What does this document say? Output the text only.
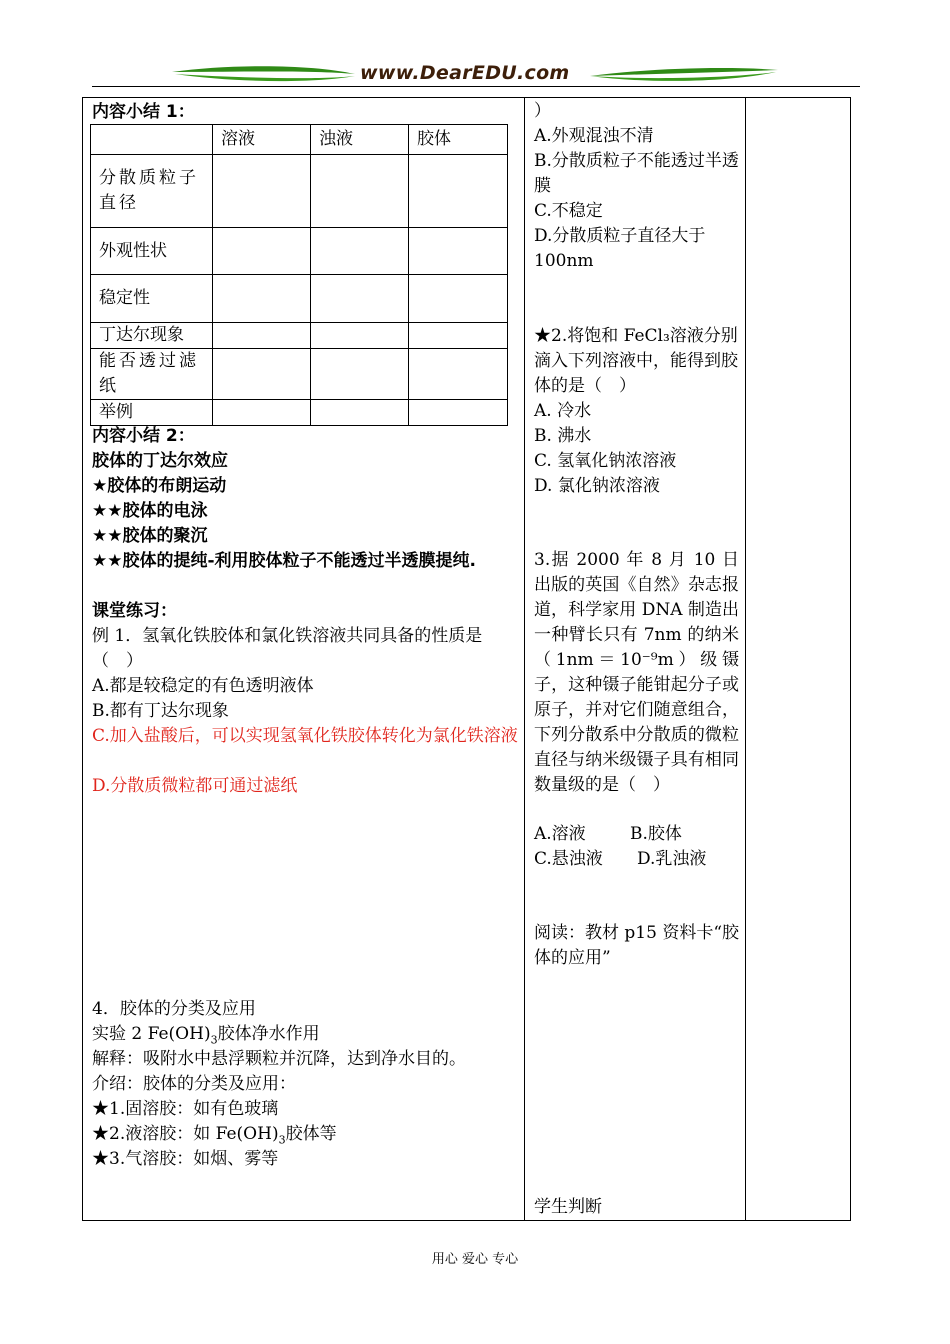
www.DearEDU.com
内容小结 1：
	溶液	浊液	胶体
分散质粒子直径			
外观性状			
稳定性			
丁达尔现象			
能否透过滤纸			
举例			
内容小结 2：
胶体的丁达尔效应
★胶体的布朗运动
★★胶体的电泳
★★胶体的聚沉
★★胶体的提纯-利用胶体粒子不能透过半透膜提纯.
课堂练习：
例 1．氢氧化铁胶体和氯化铁溶液共同具备的性质是（　）
A.都是较稳定的有色透明液体
B.都有丁达尔现象
C.加入盐酸后，可以实现氢氧化铁胶体转化为氯化铁溶液
D.分散质微粒都可通过滤纸
4．胶体的分类及应用
实验 2 $Fe(OH)_3$胶体净水作用
解释：吸附水中悬浮颗粒并沉降，达到净水目的。
介绍：胶体的分类及应用：
★1.固溶胶：如有色玻璃
★2.液溶胶：如 $Fe(OH)_3$胶体等
★3.气溶胶：如烟、雾等
）
A.外观混浊不清
B.分散质粒子不能透过半透膜
C.不稳定
D.分散质粒子直径大于 100nm
★2.将饱和 FeCl₃溶液分别滴入下列溶液中，能得到胶体的是（　）
A. 冷水
B. 沸水
C. 氢氧化钠浓溶液
D. 氯化钠浓溶液
3.据 2000 年 8 月 10 日出版的英国《自然》杂志报道，科学家用 DNA 制造出一种臂长只有 7nm 的纳米（1nm＝10⁻⁹m）级镊子，这种镊子能钳起分子或原子，并对它们随意组合，下列分散系中分散质的微粒直径与纳米级镊子具有相同数量级的是（　）
A.溶液	B.胶体
C.悬浊液 D.乳浊液
阅读：教材 p15 资料卡“胶体的应用”
学生判断
用心 爱心 专心
